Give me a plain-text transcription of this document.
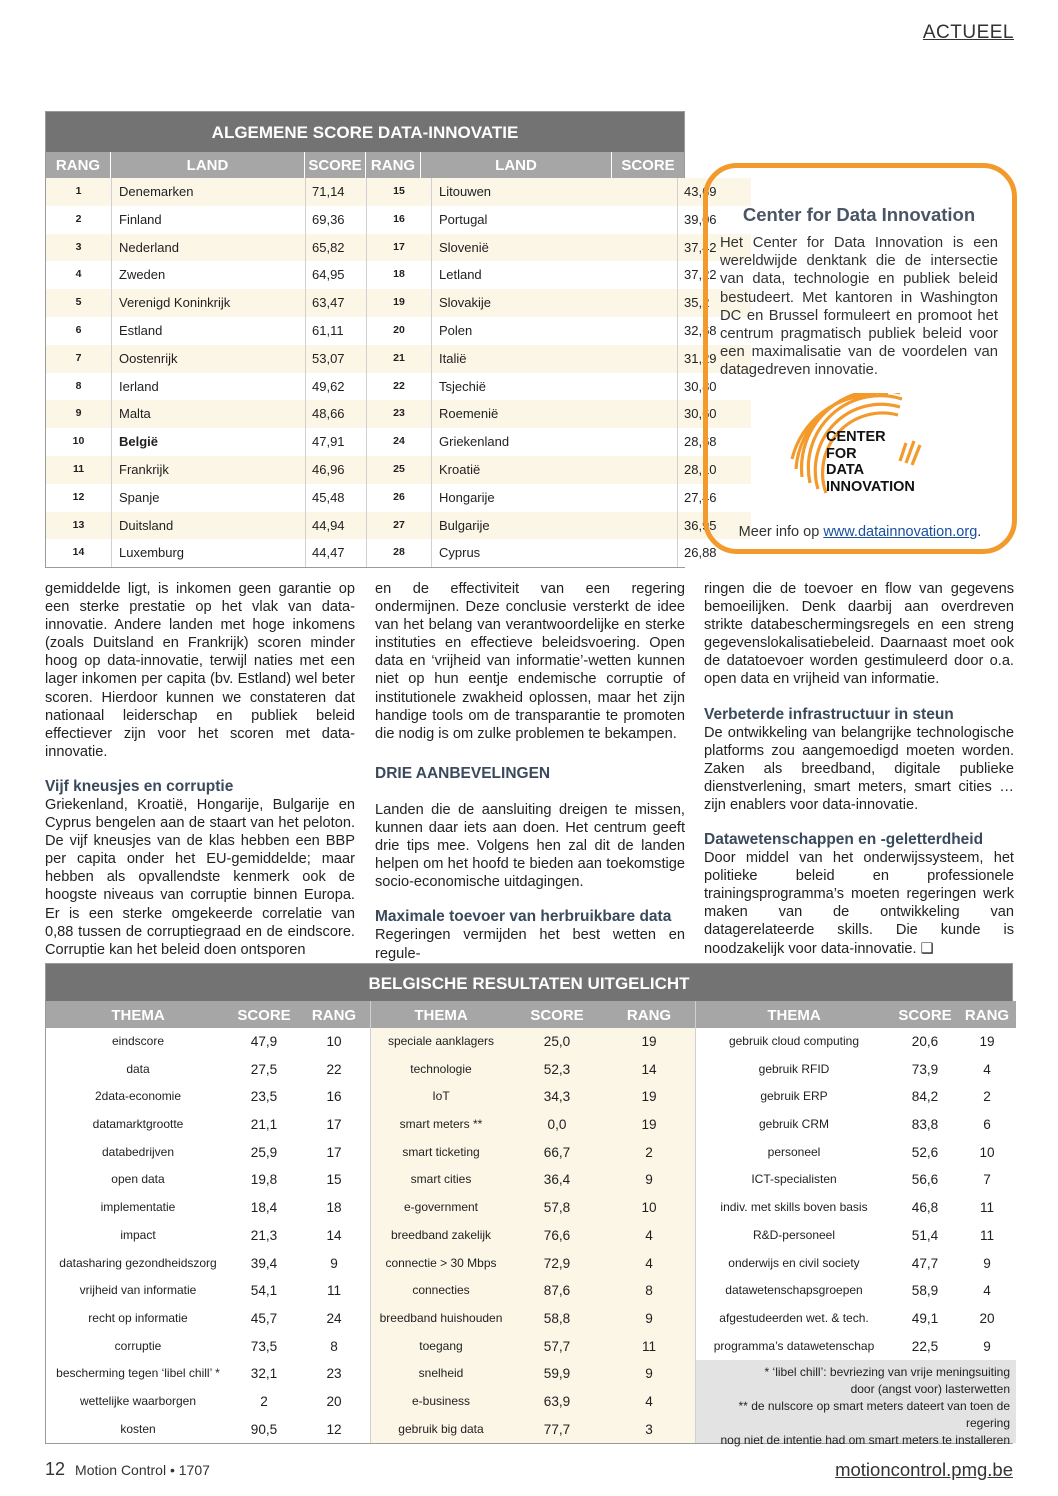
ACTUEEL
ALGEMENE SCORE DATA-INNOVATIE
RANG	LAND	SCORE RANG	LAND	SCORE
1	Denemarken	71,14	15	Litouwen	43,69
2	Finland	69,36	16	Portugal	39,06
3	Nederland	65,82	17	Slovenië	37,42
4	Zweden	64,95	18	Letland	37,22
5	Verenigd Koninkrijk	63,47	19	Slovakije	35,2
6	Estland	61,11	20	Polen	32,68
7	Oostenrijk	53,07	21	Italië	31,29
8	Ierland	49,62	22	Tsjechië	30,80
9	Malta	48,66	23	Roemenië	30,60
10	België	47,91	24	Griekenland	28,68
11	Frankrijk	46,96	25	Kroatië	28,10
12	Spanje	45,48	26	Hongarije	27,46
13	Duitsland	44,94	27	Bulgarije	36,95
14	Luxemburg	44,47	28	Cyprus	26,88
Center for Data Innovation
Het Center for Data Innovation is een wereldwijde denktank die de intersectie van data, technologie en publiek beleid bestudeert. Met kantoren in Washington DC en Brussel formuleert en promoot het centrum pragmatisch publiek beleid voor een maximalisatie van de voordelen van datagedreven innovatie.
CENTER
FOR
DATA
INNOVATION
Meer info op www.datainnovation.org.

gemiddelde ligt, is inkomen geen garantie op een sterke prestatie op het vlak van data-innovatie. Andere landen met hoge inkomens (zoals Duitsland en Frankrijk) scoren minder hoog op data-innovatie, terwijl naties met een lager inkomen per capita (bv. Estland) wel beter scoren. Hierdoor kunnen we constateren dat nationaal leiderschap en publiek beleid effectiever zijn voor het scoren met data-innovatie.

Vijf kneusjes en corruptie

Griekenland, Kroatië, Hongarije, Bulgarije en Cyprus bengelen aan de staart van het peloton. De vijf kneusjes van de klas hebben een BBP per capita onder het EU-gemiddelde; maar hebben als opvallendste kenmerk ook de hoogste niveaus van corruptie binnen Europa. Er is een sterke omgekeerde correlatie van 0,88 tussen de corruptiegraad en de eindscore. Corruptie kan het beleid doen ontsporen

en de effectiviteit van een regering ondermijnen. Deze conclusie versterkt de idee van het belang van verantwoordelijke en sterke instituties en effectieve beleidsvoering. Open data en ‘vrijheid van informatie’-wetten kunnen niet op hun eentje endemische corruptie of institutionele zwakheid oplossen, maar het zijn handige tools om de transparantie te promoten die nodig is om zulke problemen te bekampen.

DRIE AANBEVELINGEN

Landen die de aansluiting dreigen te missen, kunnen daar iets aan doen. Het centrum geeft drie tips mee. Volgens hen zal dit de landen helpen om het hoofd te bieden aan toekomstige socio-economische uitdagingen.

Maximale toevoer van herbruikbare data

Regeringen vermijden het best wetten en regule-

ringen die de toevoer en flow van gegevens bemoeilijken. Denk daarbij aan overdreven strikte databeschermingsregels en een streng gegevenslokalisatiebeleid. Daarnaast moet ook de datatoevoer worden gestimuleerd door o.a. open data en vrijheid van informatie.

Verbeterde infrastructuur in steun

De ontwikkeling van belangrijke technologische platforms zou aangemoedigd moeten worden. Zaken als breedband, digitale publieke dienstverlening, smart meters, smart cities … zijn enablers voor data-innovatie.

Datawetenschappen en -geletterdheid

Door middel van het onderwijssysteem, het politieke beleid en professionele trainingsprogramma’s moeten regeringen werk maken van de ontwikkeling van datagerelateerde skills. Die kunde is noodzakelijk voor data-innovatie. ❑

BELGISCHE RESULTATEN UITGELICHT
THEMA	SCORE	RANG
eindscore	47,9	10
data	27,5	22
2data-economie	23,5	16
datamarktgrootte	21,1	17
databedrijven	25,9	17
open data	19,8	15
implementatie	18,4	18
impact	21,3	14
datasharing gezondheidszorg	39,4	9
vrijheid van informatie	54,1	11
recht op informatie	45,7	24
corruptie	73,5	8
bescherming tegen ‘libel chill’ *	32,1	23
wettelijke waarborgen	2	20
kosten	90,5	12
THEMA	SCORE	RANG
speciale aanklagers	25,0	19
technologie	52,3	14
IoT	34,3	19
smart meters **	0,0	19
smart ticketing	66,7	2
smart cities	36,4	9
e-government	57,8	10
breedband zakelijk	76,6	4
connectie > 30 Mbps	72,9	4
connecties	87,6	8
breedband huishouden	58,8	9
toegang	57,7	11
snelheid	59,9	9
e-business	63,9	4
gebruik big data	77,7	3
THEMA	SCORE RANG
gebruik cloud computing	20,6	19
gebruik RFID	73,9	4
gebruik ERP	84,2	2
gebruik CRM	83,8	6
personeel	52,6	10
ICT-specialisten	56,6	7
indiv. met skills boven basis	46,8	11
R&D-personeel	51,4	11
onderwijs en civil society	47,7	9
datawetenschapsgroepen	58,9	4
afgestudeerden wet. & tech.	49,1	20
programma’s datawetenschap	22,5	9
* ‘libel chill’: bevriezing van vrije meningsuiting
door (angst voor) lasterwetten
** de nulscore op smart meters dateert van toen de regering
nog niet de intentie had om smart meters te installeren
12 Motion Control • 1707	motioncontrol.pmg.be
